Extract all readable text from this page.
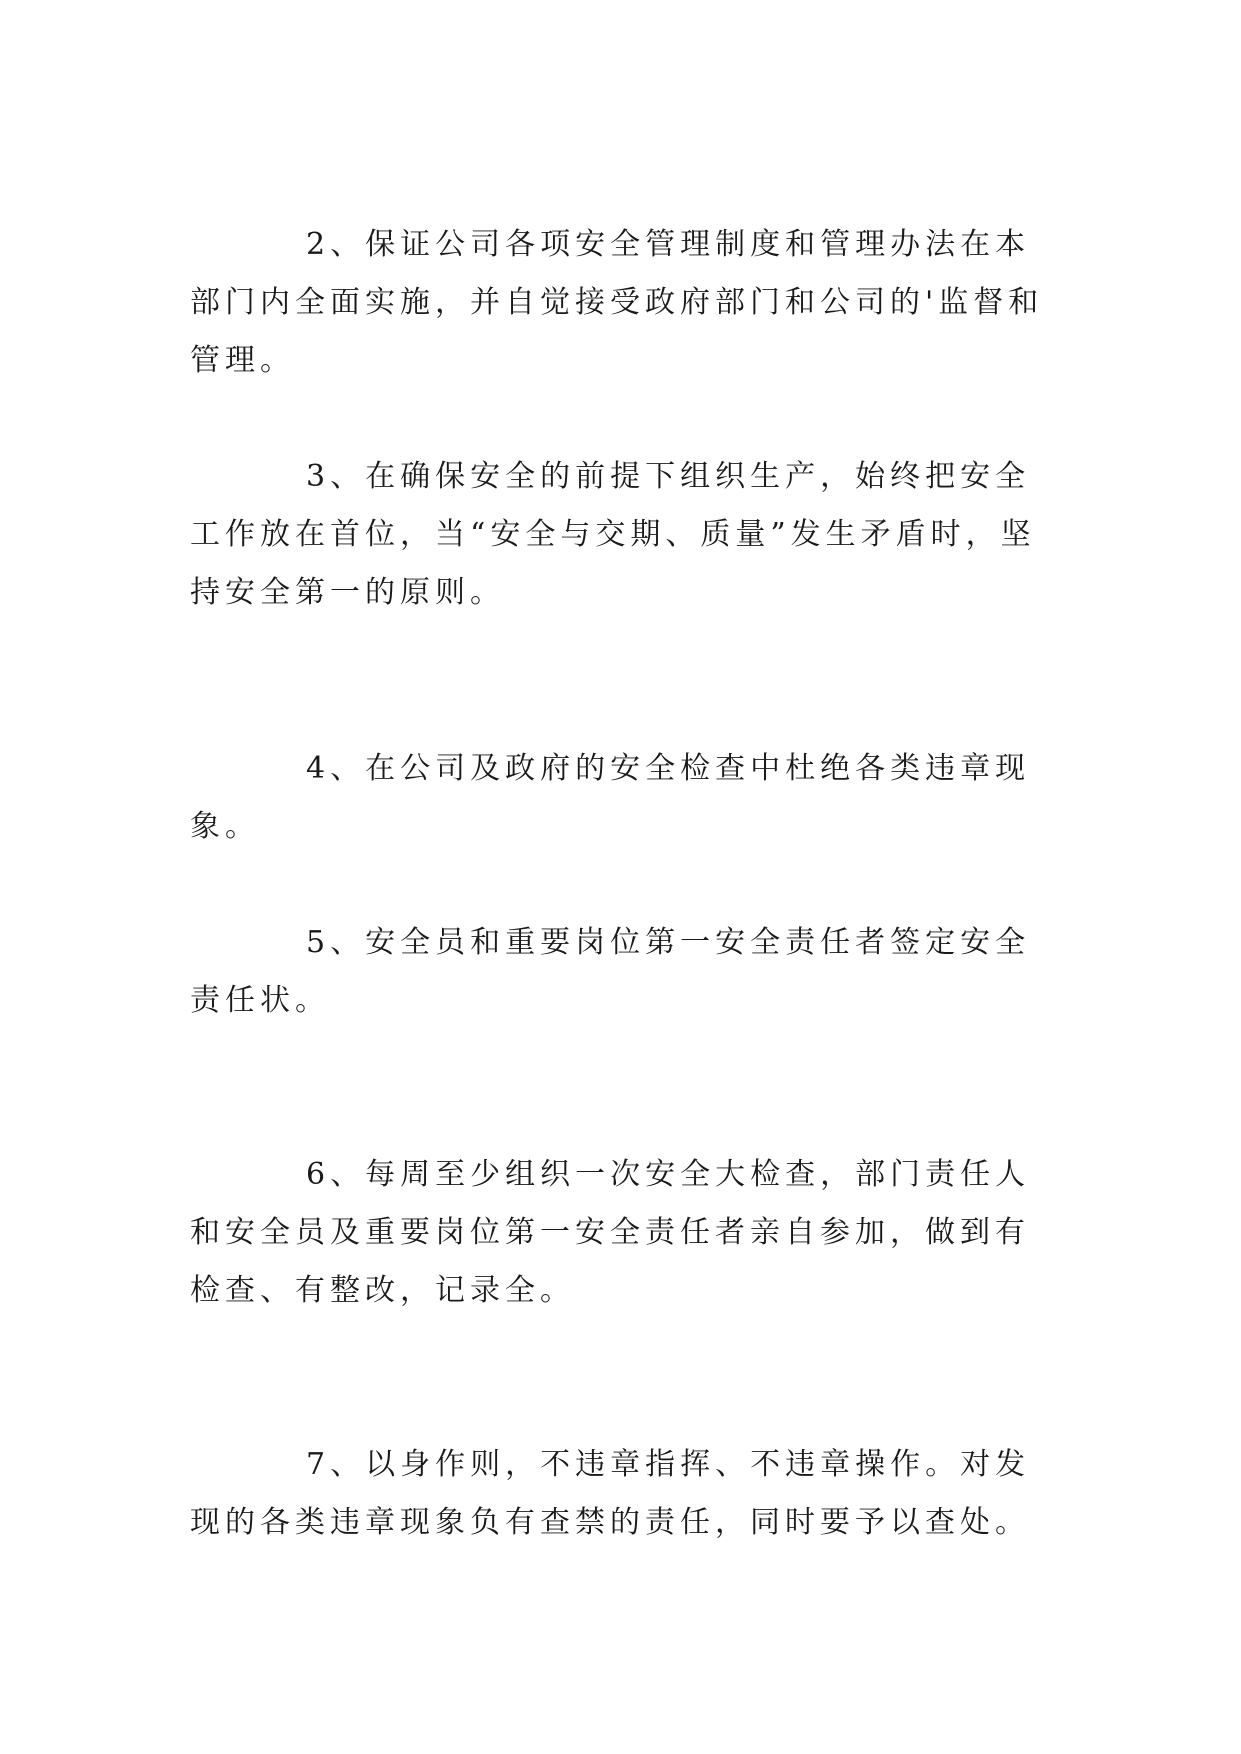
2、保证公司各项安全管理制度和管理办法在本部门内全面实施，并自觉接受政府部门和公司的'监督和管理。

3、在确保安全的前提下组织生产，始终把安全工作放在首位，当“安全与交期、质量”发生矛盾时，坚持安全第一的原则。

4、在公司及政府的安全检查中杜绝各类违章现象。

5、安全员和重要岗位第一安全责任者签定安全责任状。

6、每周至少组织一次安全大检查，部门责任人和安全员及重要岗位第一安全责任者亲自参加，做到有检查、有整改，记录全。

7、以身作则，不违章指挥、不违章操作。对发现的各类违章现象负有查禁的责任，同时要予以查处。
